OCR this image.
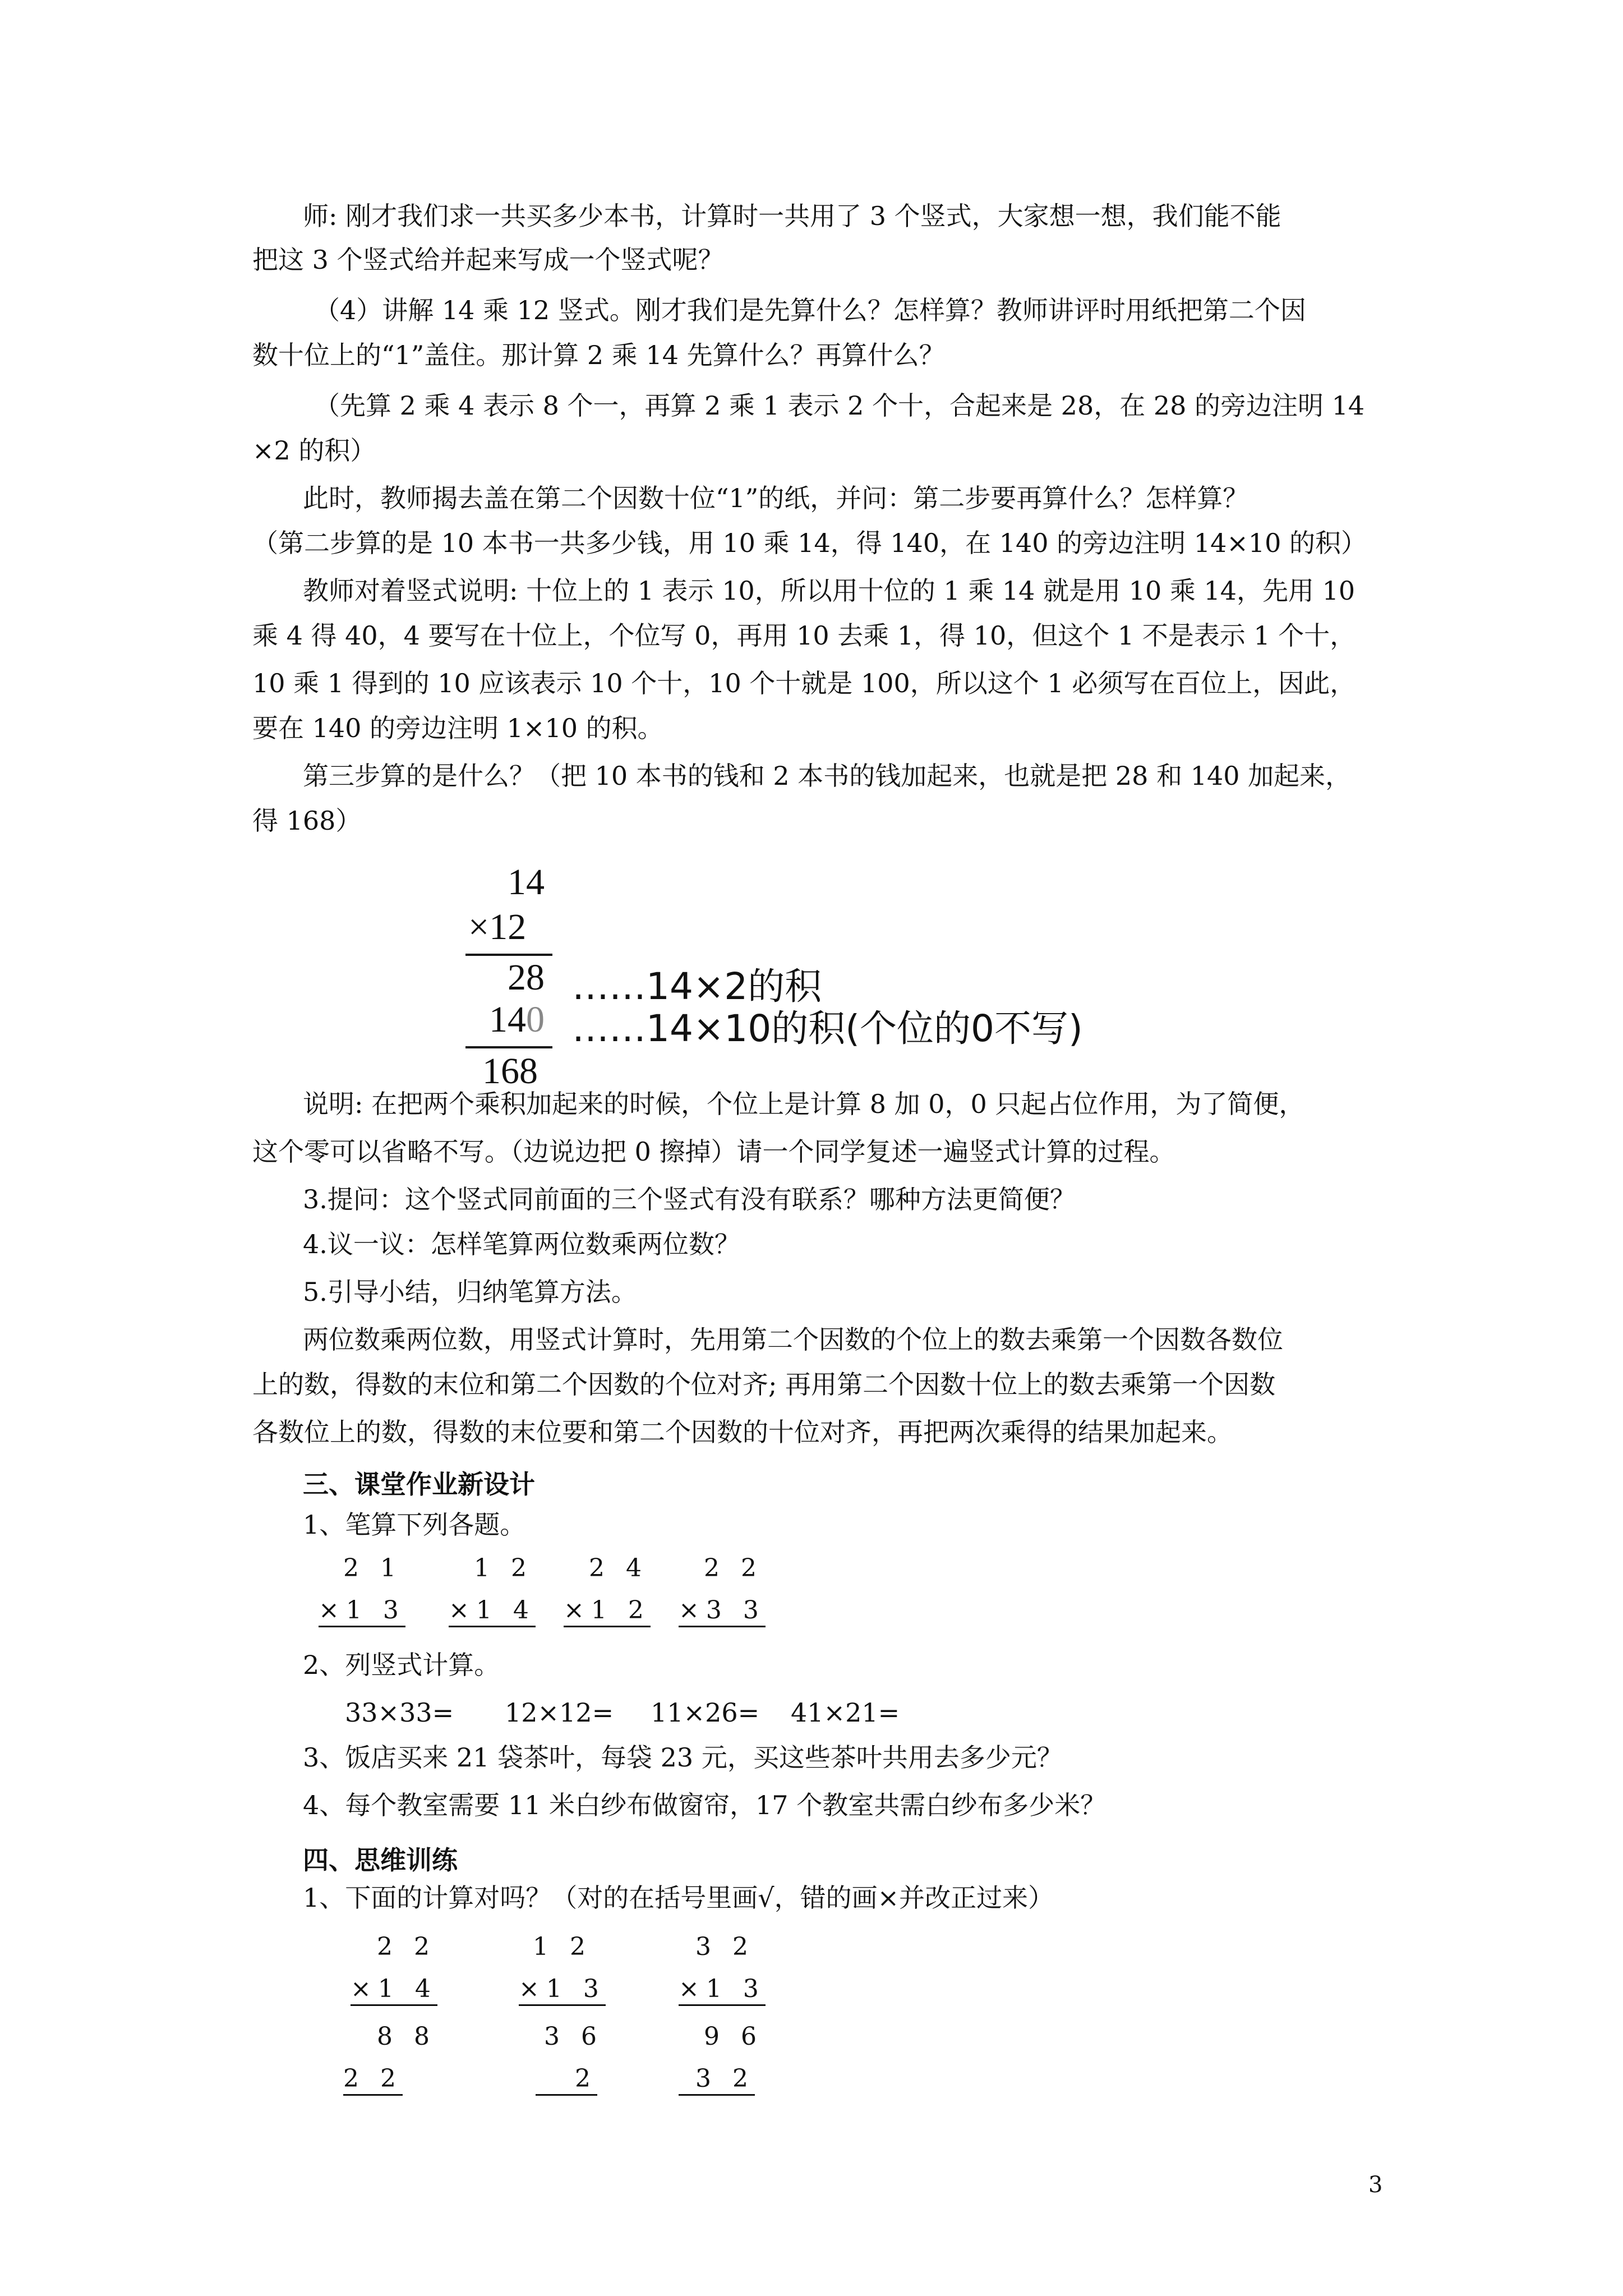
师: 刚才我们求一共买多少本书，计算时一共用了 3 个竖式，大家想一想，我们能不能
把这 3 个竖式给并起来写成一个竖式呢？
（4）讲解 14 乘 12 竖式。刚才我们是先算什么？怎样算？教师讲评时用纸把第二个因
数十位上的“1”盖住。那计算 2 乘 14 先算什么？再算什么？
（先算 2 乘 4 表示 8 个一，再算 2 乘 1 表示 2 个十，合起来是 28，在 28 的旁边注明 14
×2 的积）
此时，教师揭去盖在第二个因数十位“1”的纸，并问：第二步要再算什么？怎样算？
（第二步算的是 10 本书一共多少钱，用 10 乘 14，得 140，在 140 的旁边注明 14×10 的积）
教师对着竖式说明: 十位上的 1 表示 10，所以用十位的 1 乘 14 就是用 10 乘 14，先用 10
乘 4 得 40，4 要写在十位上，个位写 0，再用 10 去乘 1，得 10，但这个 1 不是表示 1 个十，
10 乘 1 得到的 10 应该表示 10 个十，10 个十就是 100，所以这个 1 必须写在百位上，因此，
要在 140 的旁边注明 1×10 的积。
第三步算的是什么？（把 10 本书的钱和 2 本书的钱加起来，也就是把 28 和 140 加起来，
得 168）
14
×12
28
140
168
……14×2的积
……14×10的积(个位的0不写)
说明: 在把两个乘积加起来的时候，个位上是计算 8 加 0，0 只起占位作用，为了简便，
这个零可以省略不写。（边说边把 0 擦掉）请一个同学复述一遍竖式计算的过程。
3.提问：这个竖式同前面的三个竖式有没有联系？哪种方法更简便？
4.议一议：怎样笔算两位数乘两位数？
5.引导小结，归纳笔算方法。
两位数乘两位数，用竖式计算时，先用第二个因数的个位上的数去乘第一个因数各数位
上的数，得数的末位和第二个因数的个位对齐; 再用第二个因数十位上的数去乘第一个因数
各数位上的数，得数的末位要和第二个因数的十位对齐，再把两次乘得的结果加起来。
三、课堂作业新设计
1、笔算下列各题。
2 1
×1 3
1 2
×1 4
2 4
×1 2
2 2
×3 3
2、列竖式计算。
33×33= 12×12= 11×26= 41×21=
3、饭店买来 21 袋茶叶，每袋 23 元，买这些茶叶共用去多少元？
4、每个教室需要 11 米白纱布做窗帘，17 个教室共需白纱布多少米？
四、思维训练
1、下面的计算对吗？（对的在括号里画√，错的画×并改正过来）
2 2
×1 4
8 8
2 2
1 2
×1 3
3 6
2
3 2
×1 3
9 6
3 2
3
